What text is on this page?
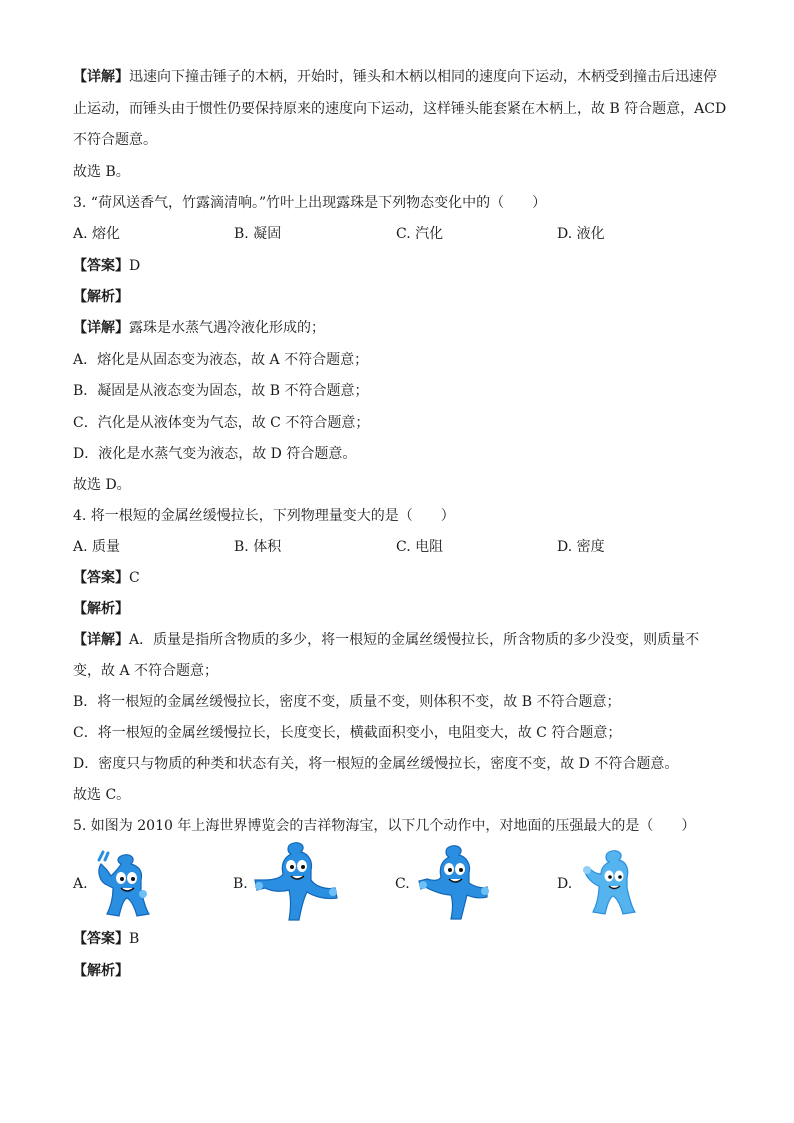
【详解】迅速向下撞击锤子的木柄，开始时，锤头和木柄以相同的速度向下运动，木柄受到撞击后迅速停
止运动，而锤头由于惯性仍要保持原来的速度向下运动，这样锤头能套紧在木柄上，故 B 符合题意，ACD
不符合题意。
故选 B。
3. “荷风送香气，竹露滴清响。”竹叶上出现露珠是下列物态变化中的（　　）
A. 熔化	B. 凝固	C. 汽化	D. 液化
【答案】D
【解析】
【详解】露珠是水蒸气遇冷液化形成的；
A．熔化是从固态变为液态，故 A 不符合题意；
B．凝固是从液态变为固态，故 B 不符合题意；
C．汽化是从液体变为气态，故 C 不符合题意；
D．液化是水蒸气变为液态，故 D 符合题意。
故选 D。
4. 将一根短的金属丝缓慢拉长，下列物理量变大的是（　　）
A. 质量	B. 体积	C. 电阻	D. 密度
【答案】C
【解析】
【详解】A．质量是指所含物质的多少，将一根短的金属丝缓慢拉长，所含物质的多少没变，则质量不
变，故 A 不符合题意；
B．将一根短的金属丝缓慢拉长，密度不变，质量不变，则体积不变，故 B 不符合题意；
C．将一根短的金属丝缓慢拉长，长度变长，横截面积变小，电阻变大，故 C 符合题意；
D．密度只与物质的种类和状态有关，将一根短的金属丝缓慢拉长，密度不变，故 D 不符合题意。
故选 C。
5. 如图为 2010 年上海世界博览会的吉祥物海宝，以下几个动作中，对地面的压强最大的是（　　）
A.	B.	C.	D.
【答案】B
【解析】
